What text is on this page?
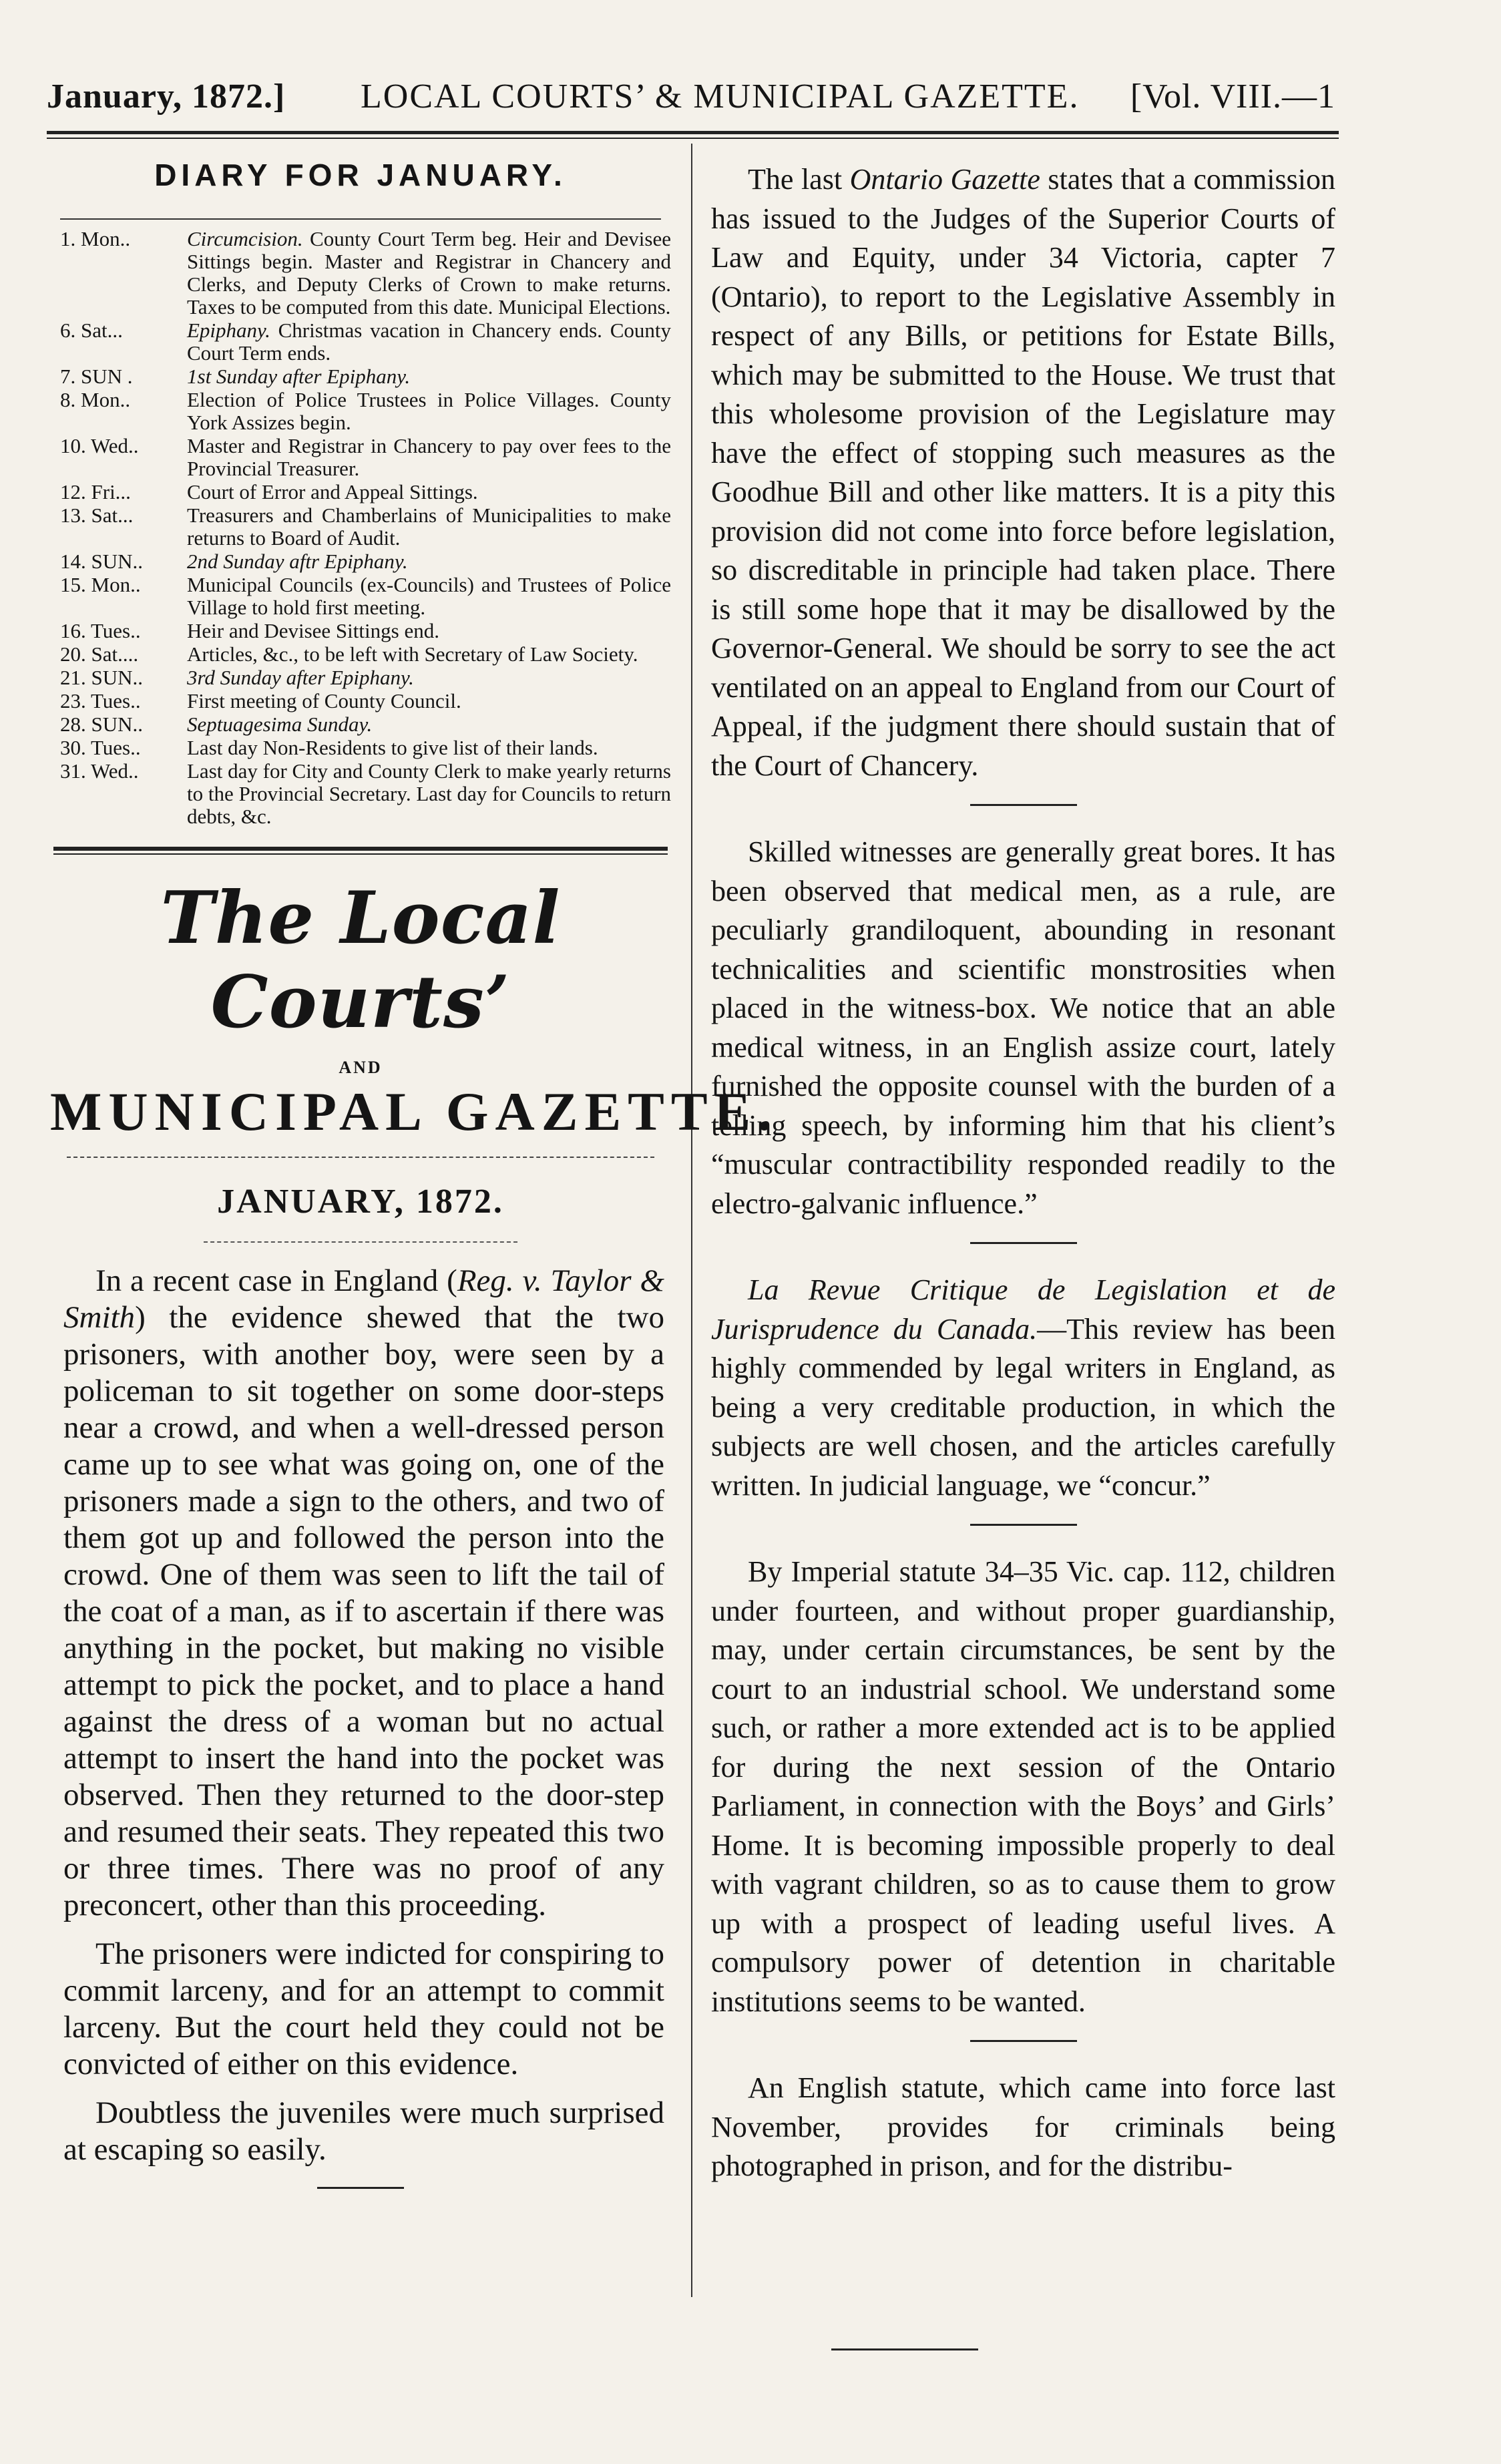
January, 1872.] LOCAL COURTS’ & MUNICIPAL GAZETTE. [Vol. VIII.—1
DIARY FOR JANUARY.
1. Mon..	Circumcision. County Court Term beg. Heir and Devisee Sittings begin. Master and Registrar in Chancery and Clerks, and Deputy Clerks of Crown to make returns. Taxes to be computed from this date. Municipal Elections.
6. Sat...	Epiphany. Christmas vacation in Chancery ends. County Court Term ends.
7. SUN .	1st Sunday after Epiphany.
8. Mon..	Election of Police Trustees in Police Villages. County York Assizes begin.
10. Wed.. Master and Registrar in Chancery to pay over fees to the Provincial Treasurer.
12. Fri...	Court of Error and Appeal Sittings.
13. Sat...	Treasurers and Chamberlains of Municipalities to make returns to Board of Audit.
14. SUN.. 2nd Sunday aftr Epiphany.
15. Mon.. Municipal Councils (ex-Councils) and Trustees of Police Village to hold first meeting.
16. Tues.. Heir and Devisee Sittings end.
20. Sat.... Articles, &c., to be left with Secretary of Law Society.
21. SUN.. 3rd Sunday after Epiphany.
23. Tues.. First meeting of County Council.
28. SUN.. Septuagesima Sunday.
30. Tues.. Last day Non-Residents to give list of their lands.
31. Wed.. Last day for City and County Clerk to make yearly returns to the Provincial Secretary. Last day for Councils to return debts, &c.
The Local Courts’
AND
MUNICIPAL GAZETTE.
JANUARY, 1872.

In a recent case in England (Reg. v. Taylor & Smith) the evidence shewed that the two prisoners, with another boy, were seen by a policeman to sit together on some door-steps near a crowd, and when a well-dressed person came up to see what was going on, one of the prisoners made a sign to the others, and two of them got up and followed the person into the crowd. One of them was seen to lift the tail of the coat of a man, as if to ascertain if there was anything in the pocket, but making no visible attempt to pick the pocket, and to place a hand against the dress of a woman but no actual attempt to insert the hand into the pocket was observed. Then they returned to the door-step and resumed their seats. They repeated this two or three times. There was no proof of any preconcert, other than this proceeding.

The prisoners were indicted for conspiring to commit larceny, and for an attempt to commit larceny. But the court held they could not be convicted of either on this evidence.

Doubtless the juveniles were much surprised at escaping so easily.

The last Ontario Gazette states that a commission has issued to the Judges of the Superior Courts of Law and Equity, under 34 Victoria, capter 7 (Ontario), to report to the Legislative Assembly in respect of any Bills, or petitions for Estate Bills, which may be submitted to the House. We trust that this wholesome provision of the Legislature may have the effect of stopping such measures as the Goodhue Bill and other like matters. It is a pity this provision did not come into force before legislation, so discreditable in principle had taken place. There is still some hope that it may be disallowed by the Governor-General. We should be sorry to see the act ventilated on an appeal to England from our Court of Appeal, if the judgment there should sustain that of the Court of Chancery.

Skilled witnesses are generally great bores. It has been observed that medical men, as a rule, are peculiarly grandiloquent, abounding in resonant technicalities and scientific monstrosities when placed in the witness-box. We notice that an able medical witness, in an English assize court, lately furnished the opposite counsel with the burden of a telling speech, by informing him that his client’s “muscular contractibility responded readily to the electro-galvanic influence.”

La Revue Critique de Legislation et de Jurisprudence du Canada.—This review has been highly commended by legal writers in England, as being a very creditable production, in which the subjects are well chosen, and the articles carefully written. In judicial language, we “concur.”

By Imperial statute 34–35 Vic. cap. 112, children under fourteen, and without proper guardianship, may, under certain circumstances, be sent by the court to an industrial school. We understand some such, or rather a more extended act is to be applied for during the next session of the Ontario Parliament, in connection with the Boys’ and Girls’ Home. It is becoming impossible properly to deal with vagrant children, so as to cause them to grow up with a prospect of leading useful lives. A compulsory power of detention in charitable institutions seems to be wanted.

An English statute, which came into force last November, provides for criminals being photographed in prison, and for the distribu-
